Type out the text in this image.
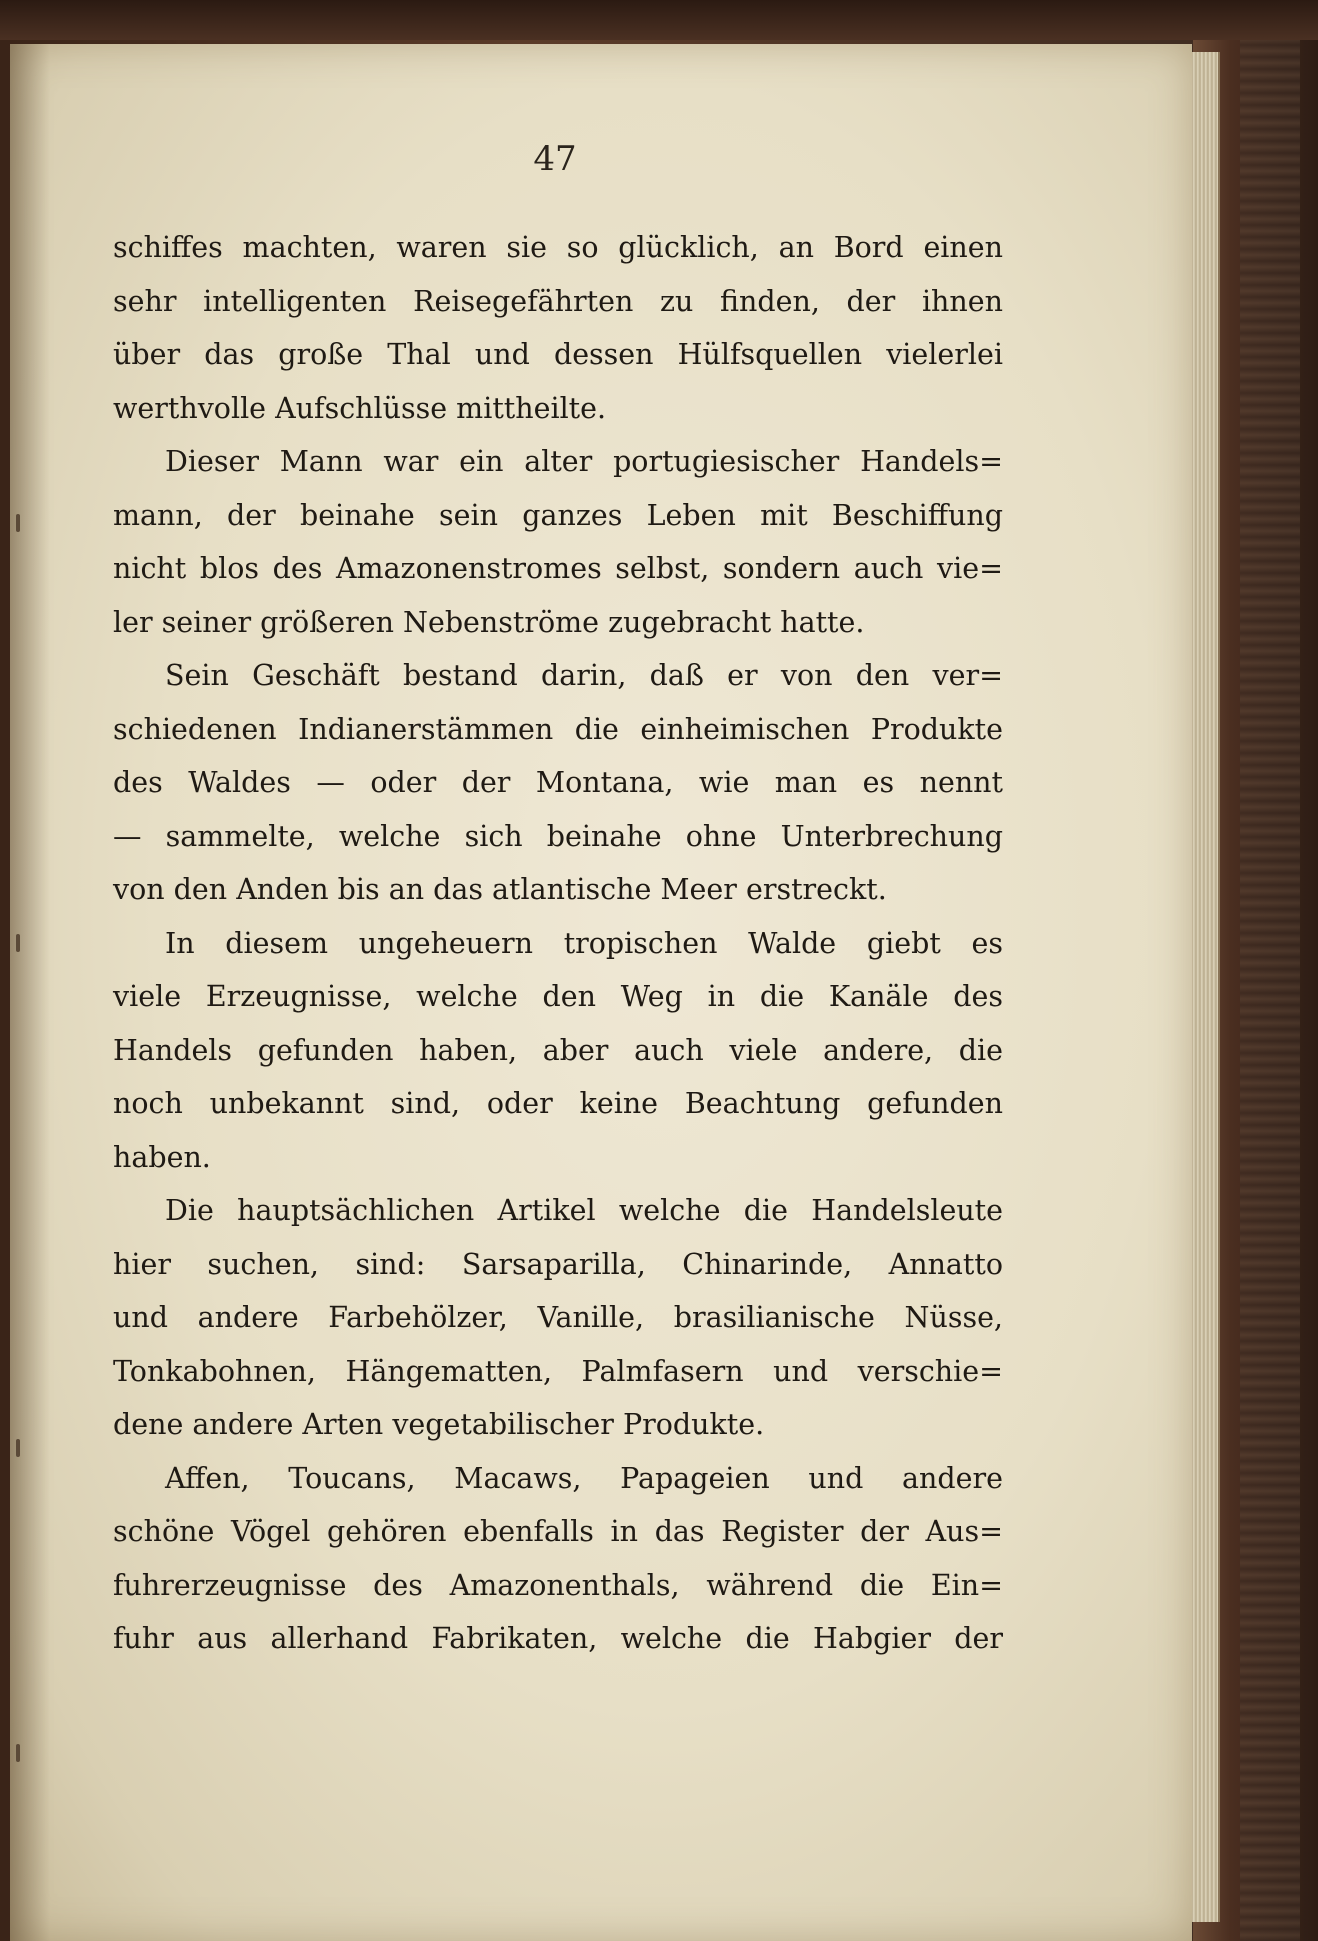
47
schiffes machten, waren sie so glücklich, an Bord einen
sehr intelligenten Reisegefährten zu finden, der ihnen
über das große Thal und dessen Hülfsquellen vielerlei
werthvolle Aufschlüsse mittheilte.
Dieser Mann war ein alter portugiesischer Handels=
mann, der beinahe sein ganzes Leben mit Beschiffung
nicht blos des Amazonenstromes selbst, sondern auch vie=
ler seiner größeren Nebenströme zugebracht hatte.
Sein Geschäft bestand darin, daß er von den ver=
schiedenen Indianerstämmen die einheimischen Produkte
des Waldes — oder der Montana, wie man es nennt
— sammelte, welche sich beinahe ohne Unterbrechung
von den Anden bis an das atlantische Meer erstreckt.
In diesem ungeheuern tropischen Walde giebt es
viele Erzeugnisse, welche den Weg in die Kanäle des
Handels gefunden haben, aber auch viele andere, die
noch unbekannt sind, oder keine Beachtung gefunden
haben.
Die hauptsächlichen Artikel welche die Handelsleute
hier suchen, sind: Sarsaparilla, Chinarinde, Annatto
und andere Farbehölzer, Vanille, brasilianische Nüsse,
Tonkabohnen, Hängematten, Palmfasern und verschie=
dene andere Arten vegetabilischer Produkte.
Affen, Toucans, Macaws, Papageien und andere
schöne Vögel gehören ebenfalls in das Register der Aus=
fuhrerzeugnisse des Amazonenthals, während die Ein=
fuhr aus allerhand Fabrikaten, welche die Habgier der
